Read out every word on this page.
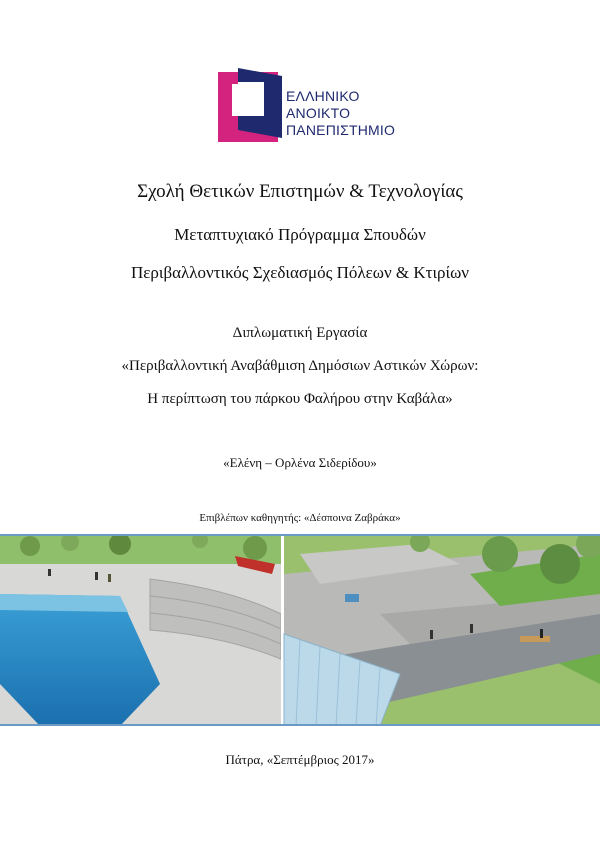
ΕΛΛΗΝΙΚΟ
ΑΝΟΙΚΤΟ
ΠΑΝΕΠΙΣΤΗΜΙΟ
Σχολή Θετικών Επιστημών & Τεχνολογίας
Μεταπτυχιακό Πρόγραμμα Σπουδών
Περιβαλλοντικός Σχεδιασμός Πόλεων & Κτιρίων
Διπλωματική Εργασία
«Περιβαλλοντική Αναβάθμιση Δημόσιων Αστικών Χώρων:
Η περίπτωση του πάρκου Φαλήρου στην Καβάλα»
«Ελένη – Ορλένα Σιδερίδου»
Επιβλέπων καθηγητής: «Δέσποινα Ζαβράκα»
Πάτρα, «Σεπτέμβριος 2017»
